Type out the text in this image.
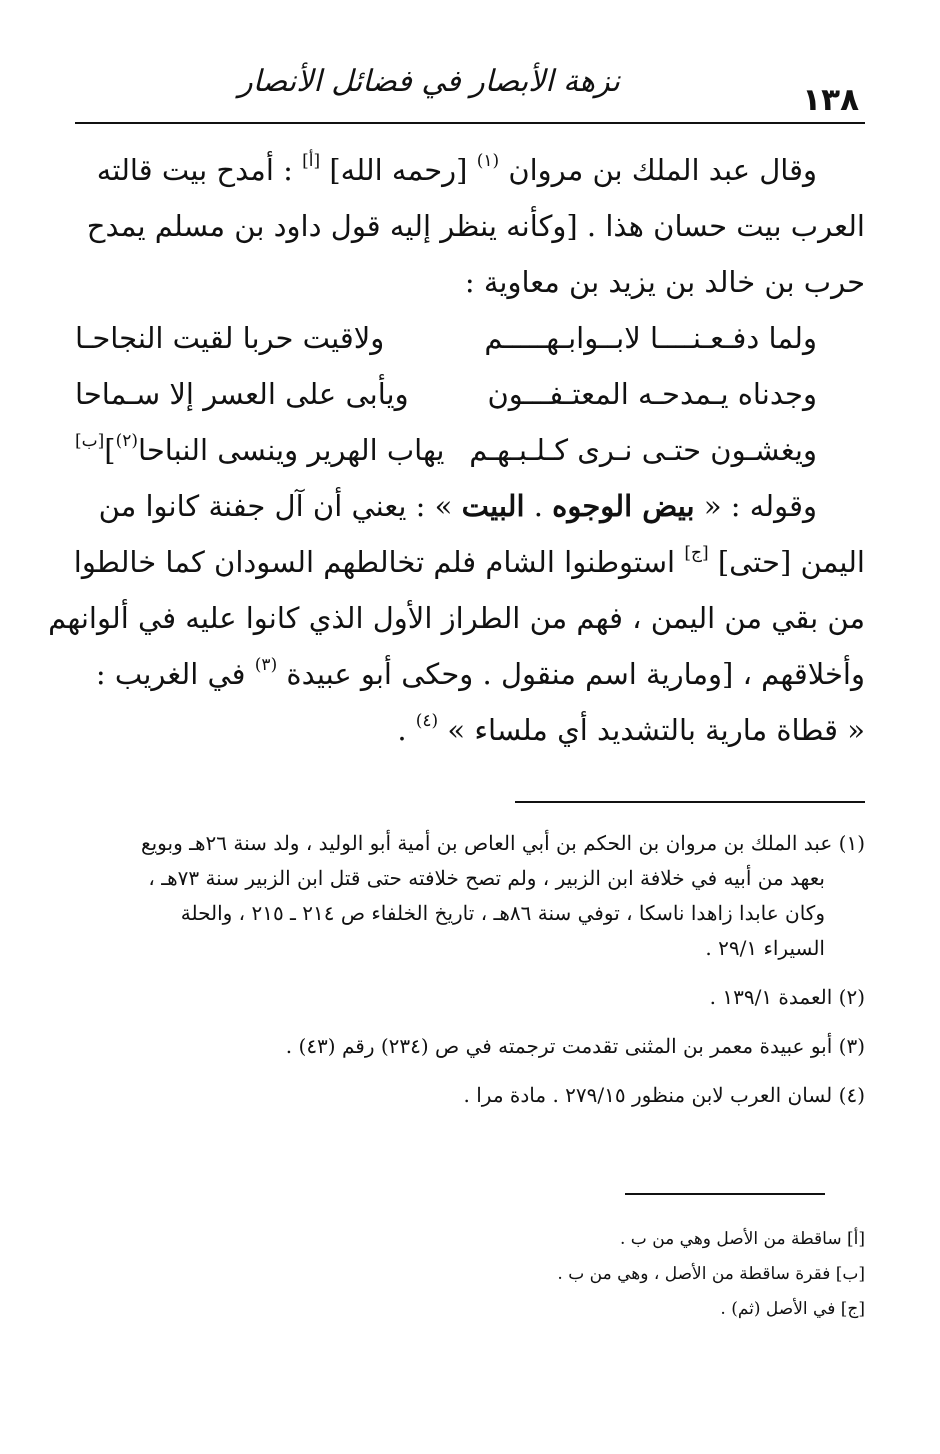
١٣٨
نزهة الأبصار في فضائل الأنصار
وقال عبد الملك بن مروان $^{(١)}$ [رحمه الله] [أ] : أمدح بيت قالته
العرب بيت حسان هذا . [وكأنه ينظر إليه قول داود بن مسلم يمدح
حرب بن خالد بن يزيد بن معاوية :
ولما دفـعـنــــا لابــوابـهـــــم
ولاقيت حربا لقيت النجاحـا
وجدناه يـمدحـه المعتـفـــون
ويأبى على العسر إلا سـماحا
ويغشـون حتـى نـرى كـلـبـهـم
يهاب الهرير وينسى النباحا$^{(٢)}$][ب]
وقوله : « بيض الوجوه . البيت » : يعني أن آل جفنة كانوا من
اليمن [حتى] [ج] استوطنوا الشام فلم تخالطهم السودان كما خالطوا
من بقي من اليمن ، فهم من الطراز الأول الذي كانوا عليه في ألوانهم
وأخلاقهم ، [ومارية اسم منقول . وحكى أبو عبيدة $^{(٣)}$ في الغريب :
« قطاة مارية بالتشديد أي ملساء » $^{(٤)}$ .
(١) عبد الملك بن مروان بن الحكم بن أبي العاص بن أمية أبو الوليد ، ولد سنة ٢٦هـ وبويع
بعهد من أبيه في خلافة ابن الزبير ، ولم تصح خلافته حتى قتل ابن الزبير سنة ٧٣هـ ،
وكان عابدا زاهدا ناسكا ، توفي سنة ٨٦هـ ، تاريخ الخلفاء ص ٢١٤ ـ ٢١٥ ، والحلة
السيراء ٢٩/١ .
(٢) العمدة ١٣٩/١ .
(٣) أبو عبيدة معمر بن المثنى تقدمت ترجمته في ص (٢٣٤) رقم (٤٣) .
(٤) لسان العرب لابن منظور ٢٧٩/١٥ . مادة مرا .
[أ] ساقطة من الأصل وهي من ب .
[ب] فقرة ساقطة من الأصل ، وهي من ب .
[ج] في الأصل (ثم) .
